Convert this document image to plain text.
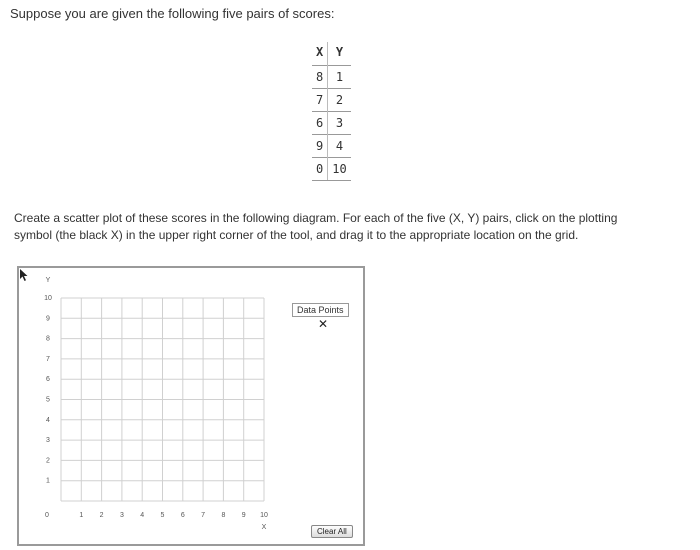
Suppose you are given the following five pairs of scores:
X	Y
8	1
7	2
6	3
9	4
0	10
Create a scatter plot of these scores in the following diagram. For each of the five (X, Y) pairs, click on the plotting symbol (the black X) in the upper right corner of the tool, and drag it to the appropriate location on the grid.
1
2
3
4
5
6
7
8
9
10
Y
0	1 2 3 4 5 6 7 8 9 10
X
Data Points
✕
Clear All
